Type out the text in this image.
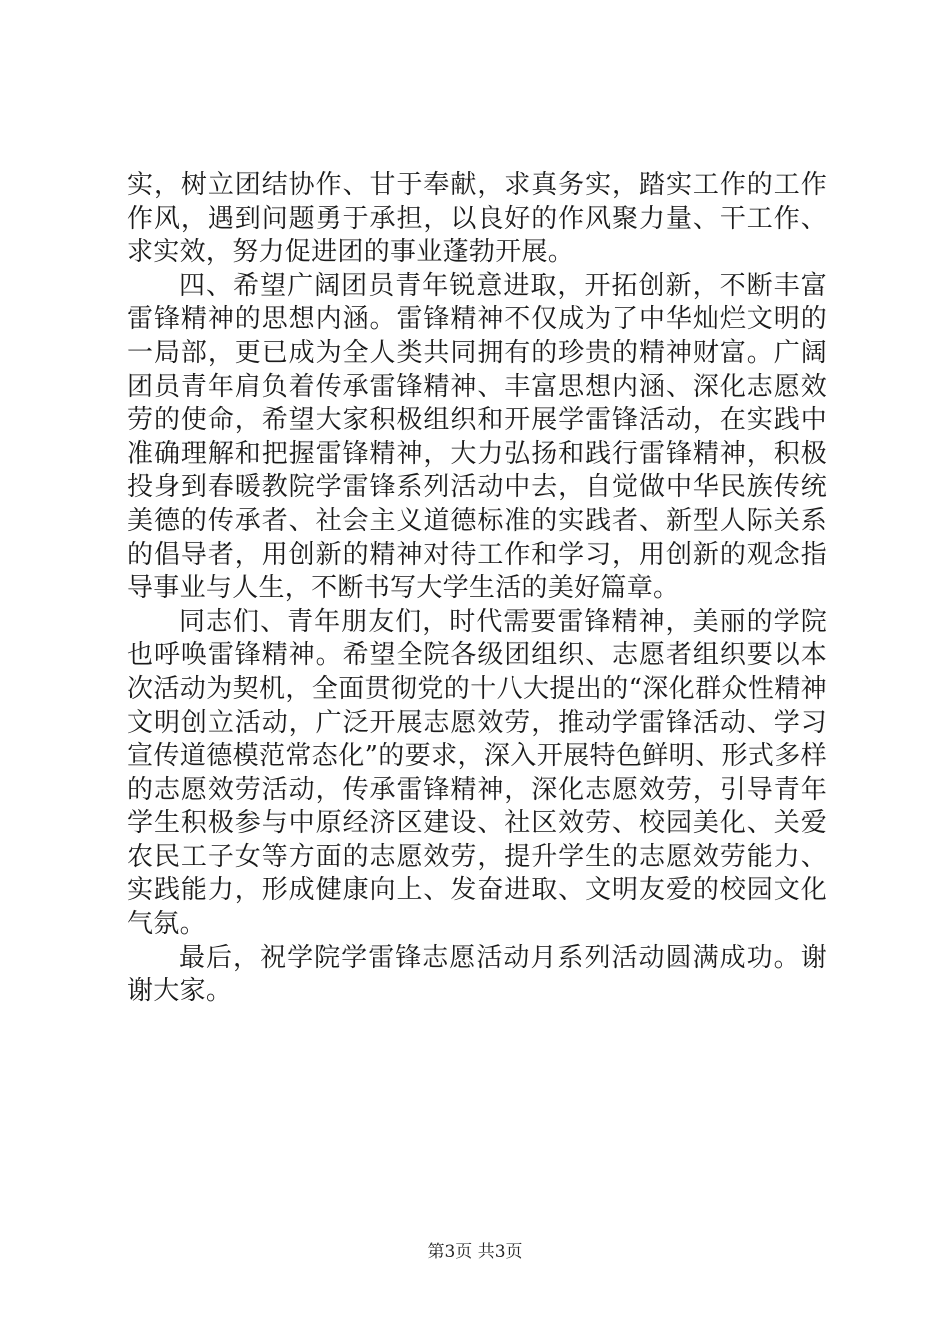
实，树立团结协作、甘于奉献，求真务实，踏实工作的工作作风，遇到问题勇于承担，以良好的作风聚力量、干工作、求实效，努力促进团的事业蓬勃开展。

四、希望广阔团员青年锐意进取，开拓创新，不断丰富雷锋精神的思想内涵。雷锋精神不仅成为了中华灿烂文明的一局部，更已成为全人类共同拥有的珍贵的精神财富。广阔团员青年肩负着传承雷锋精神、丰富思想内涵、深化志愿效劳的使命，希望大家积极组织和开展学雷锋活动，在实践中准确理解和把握雷锋精神，大力弘扬和践行雷锋精神，积极投身到春暖教院学雷锋系列活动中去，自觉做中华民族传统美德的传承者、社会主义道德标准的实践者、新型人际关系的倡导者，用创新的精神对待工作和学习，用创新的观念指导事业与人生，不断书写大学生活的美好篇章。

同志们、青年朋友们，时代需要雷锋精神，美丽的学院也呼唤雷锋精神。希望全院各级团组织、志愿者组织要以本次活动为契机，全面贯彻党的十八大提出的“深化群众性精神文明创立活动，广泛开展志愿效劳，推动学雷锋活动、学习宣传道德模范常态化”的要求，深入开展特色鲜明、形式多样的志愿效劳活动，传承雷锋精神，深化志愿效劳，引导青年学生积极参与中原经济区建设、社区效劳、校园美化、关爱农民工子女等方面的志愿效劳，提升学生的志愿效劳能力、实践能力，形成健康向上、发奋进取、文明友爱的校园文化气氛。

最后，祝学院学雷锋志愿活动月系列活动圆满成功。谢谢大家。

第3页 共3页
